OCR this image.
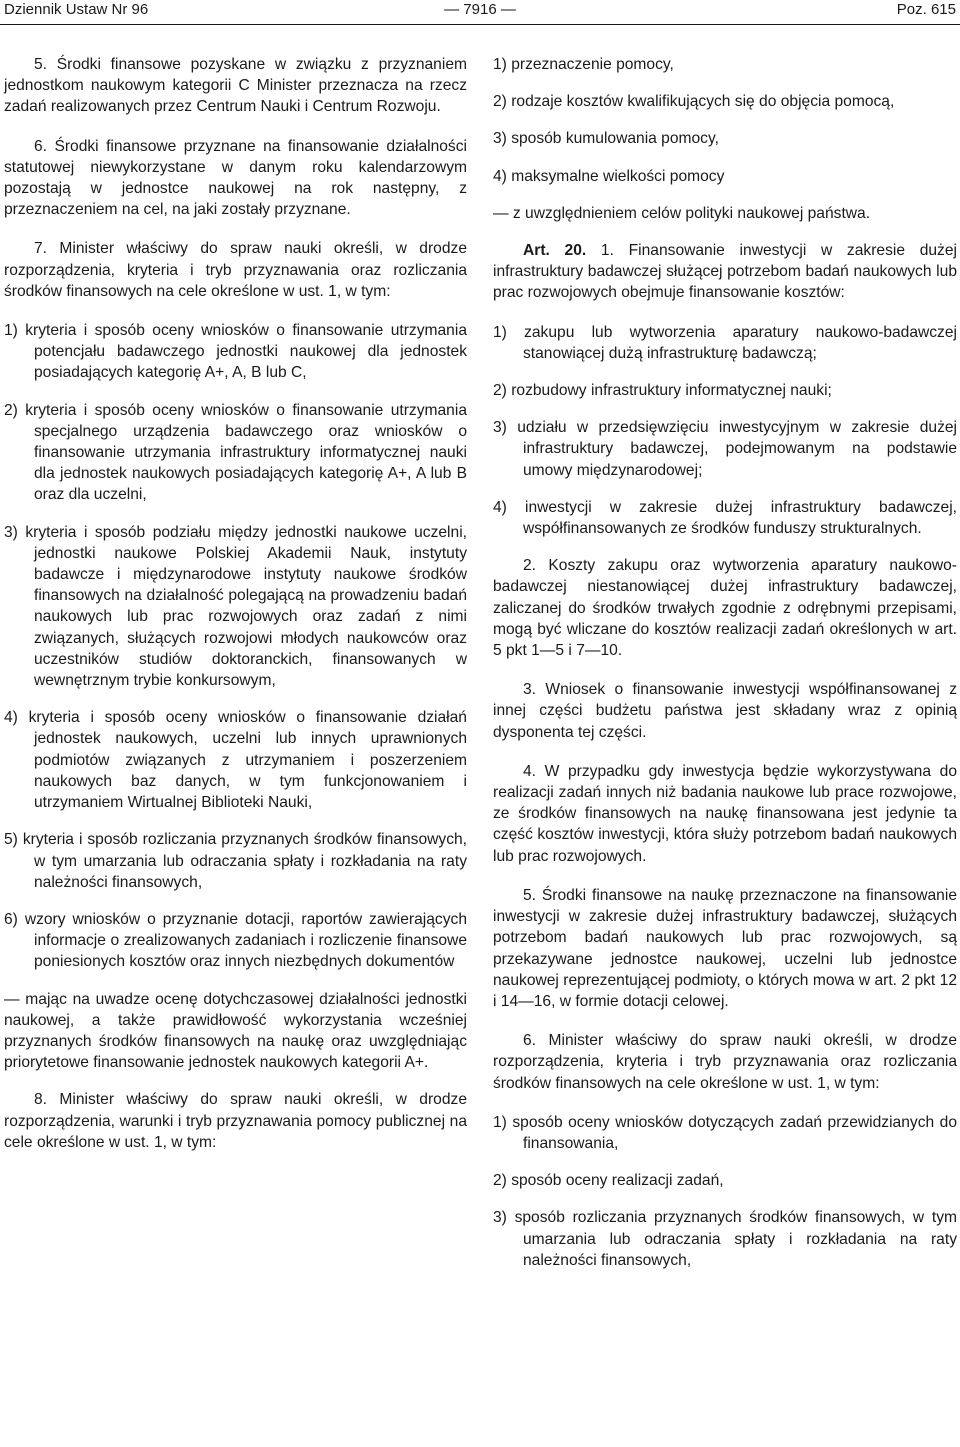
Dziennik Ustaw Nr 96	— 7916 —	Poz. 615

5. Środki finansowe pozyskane w związku z przyznaniem jednostkom naukowym kategorii C Minister przeznacza na rzecz zadań realizowanych przez Centrum Nauki i Centrum Rozwoju.

6. Środki finansowe przyznane na finansowanie działalności statutowej niewykorzystane w danym roku kalendarzowym pozostają w jednostce naukowej na rok następny, z przeznaczeniem na cel, na jaki zostały przyznane.

7. Minister właściwy do spraw nauki określi, w drodze rozporządzenia, kryteria i tryb przyznawania oraz rozliczania środków finansowych na cele określone w ust. 1, w tym:

1) kryteria i sposób oceny wniosków o finansowanie utrzymania potencjału badawczego jednostki naukowej dla jednostek posiadających kategorię A+, A, B lub C,
2) kryteria i sposób oceny wniosków o finansowanie utrzymania specjalnego urządzenia badawczego oraz wniosków o finansowanie utrzymania infrastruktury informatycznej nauki dla jednostek naukowych posiadających kategorię A+, A lub B oraz dla uczelni,
3) kryteria i sposób podziału między jednostki naukowe uczelni, jednostki naukowe Polskiej Akademii Nauk, instytuty badawcze i międzynarodowe instytuty naukowe środków finansowych na działalność polegającą na prowadzeniu badań naukowych lub prac rozwojowych oraz zadań z nimi związanych, służących rozwojowi młodych naukowców oraz uczestników studiów doktoranckich, finansowanych w wewnętrznym trybie konkursowym,
4) kryteria i sposób oceny wniosków o finansowanie działań jednostek naukowych, uczelni lub innych uprawnionych podmiotów związanych z utrzymaniem i poszerzeniem naukowych baz danych, w tym funkcjonowaniem i utrzymaniem Wirtualnej Biblioteki Nauki,
5) kryteria i sposób rozliczania przyznanych środków finansowych, w tym umarzania lub odraczania spłaty i rozkładania na raty należności finansowych,
6) wzory wniosków o przyznanie dotacji, raportów zawierających informacje o zrealizowanych zadaniach i rozliczenie finansowe poniesionych kosztów oraz innych niezbędnych dokumentów
— mając na uwadze ocenę dotychczasowej działalności jednostki naukowej, a także prawidłowość wykorzystania wcześniej przyznanych środków finansowych na naukę oraz uwzględniając priorytetowe finansowanie jednostek naukowych kategorii A+.

8. Minister właściwy do spraw nauki określi, w drodze rozporządzenia, warunki i tryb przyznawania pomocy publicznej na cele określone w ust. 1, w tym:

1) przeznaczenie pomocy,
2) rodzaje kosztów kwalifikujących się do objęcia pomocą,
3) sposób kumulowania pomocy,
4) maksymalne wielkości pomocy
— z uwzględnieniem celów polityki naukowej państwa.

Art. 20. 1. Finansowanie inwestycji w zakresie dużej infrastruktury badawczej służącej potrzebom badań naukowych lub prac rozwojowych obejmuje finansowanie kosztów:

1) zakupu lub wytworzenia aparatury naukowo-badawczej stanowiącej dużą infrastrukturę badawczą;
2) rozbudowy infrastruktury informatycznej nauki;
3) udziału w przedsięwzięciu inwestycyjnym w zakresie dużej infrastruktury badawczej, podejmowanym na podstawie umowy międzynarodowej;
4) inwestycji w zakresie dużej infrastruktury badawczej, współfinansowanych ze środków funduszy strukturalnych.

2. Koszty zakupu oraz wytworzenia aparatury naukowo-badawczej niestanowiącej dużej infrastruktury badawczej, zaliczanej do środków trwałych zgodnie z odrębnymi przepisami, mogą być wliczane do kosztów realizacji zadań określonych w art. 5 pkt 1—5 i 7—10.

3. Wniosek o finansowanie inwestycji współfinansowanej z innej części budżetu państwa jest składany wraz z opinią dysponenta tej części.

4. W przypadku gdy inwestycja będzie wykorzystywana do realizacji zadań innych niż badania naukowe lub prace rozwojowe, ze środków finansowych na naukę finansowana jest jedynie ta część kosztów inwestycji, która służy potrzebom badań naukowych lub prac rozwojowych.

5. Środki finansowe na naukę przeznaczone na finansowanie inwestycji w zakresie dużej infrastruktury badawczej, służących potrzebom badań naukowych lub prac rozwojowych, są przekazywane jednostce naukowej, uczelni lub jednostce naukowej reprezentującej podmioty, o których mowa w art. 2 pkt 12 i 14—16, w formie dotacji celowej.

6. Minister właściwy do spraw nauki określi, w drodze rozporządzenia, kryteria i tryb przyznawania oraz rozliczania środków finansowych na cele określone w ust. 1, w tym:

1) sposób oceny wniosków dotyczących zadań przewidzianych do finansowania,
2) sposób oceny realizacji zadań,
3) sposób rozliczania przyznanych środków finansowych, w tym umarzania lub odraczania spłaty i rozkładania na raty należności finansowych,
